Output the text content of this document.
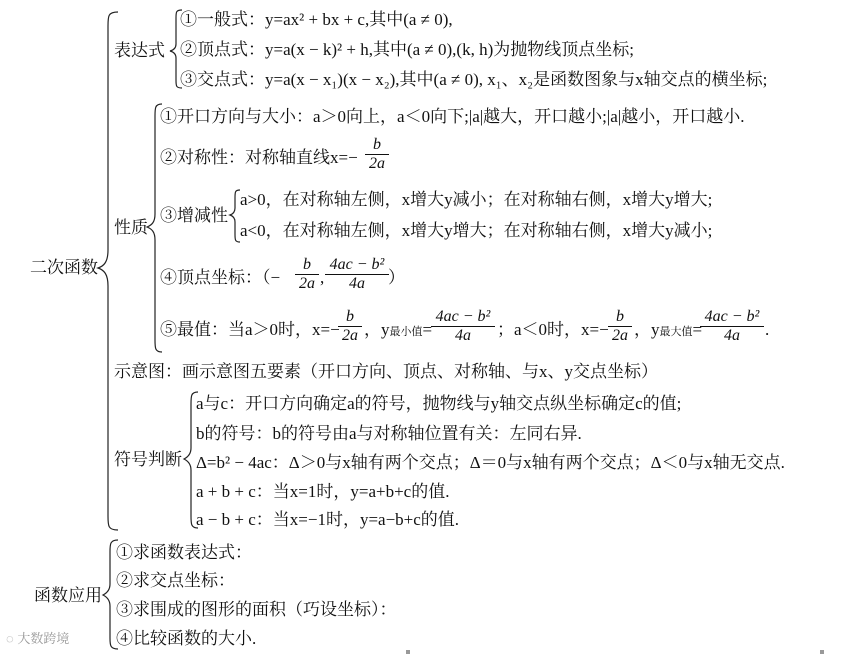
二次函数
表达式
①一般式：y=ax² + bx + c,其中(a ≠ 0),
②顶点式：y=a(x − k)² + h,其中(a ≠ 0),(k, h)为抛物线顶点坐标;
③交点式：y=a(x − x₁)(x − x₂),其中(a ≠ 0), x₁、x₂是函数图象与x轴交点的横坐标;
性质
①开口方向与大小：a＞0向上，a＜0向下;|a|越大，开口越小;|a|越小，开口越小.
②对称性：对称轴直线$x=- \frac{b}{2a}$
③增减性
a>0，在对称轴左侧，x增大y减小；在对称轴右侧，x增大y增大;
a<0，在对称轴左侧，x增大y增大；在对称轴右侧，x增大y减小;
④顶点坐标：（− $\frac{b}{2a}$ , $\frac{\text{4ac − b²}}{4a}$ ）
⑤最值：当a＞0时，x=−
$\frac{b}{2a}$ ，y最小值=
$\frac{\text{4ac − b²}}{4a}$ ；a＜0时，$x=- \frac{b}{2a}$ ，y最大值=
$\frac{\text{4ac − b²}}{4a}$ .
示意图：画示意图五要素（开口方向、顶点、对称轴、与x、y交点坐标）
符号判断
a与c：开口方向确定a的符号，抛物线与y轴交点纵坐标确定c的值;
b的符号：b的符号由a与对称轴位置有关：左同右异.
Δ=b² − 4ac：Δ＞0与x轴有两个交点；Δ＝0与x轴有两个交点；Δ＜0与x轴无交点.
a + b + c：当x=1时，y=a+b+c的值.
a − b + c：当x=−1时，y=a−b+c的值.
函数应用
①求函数表达式：
②求交点坐标：
③求围成的图形的面积（巧设坐标）：
④比较函数的大小.
◌ 大数跨境
